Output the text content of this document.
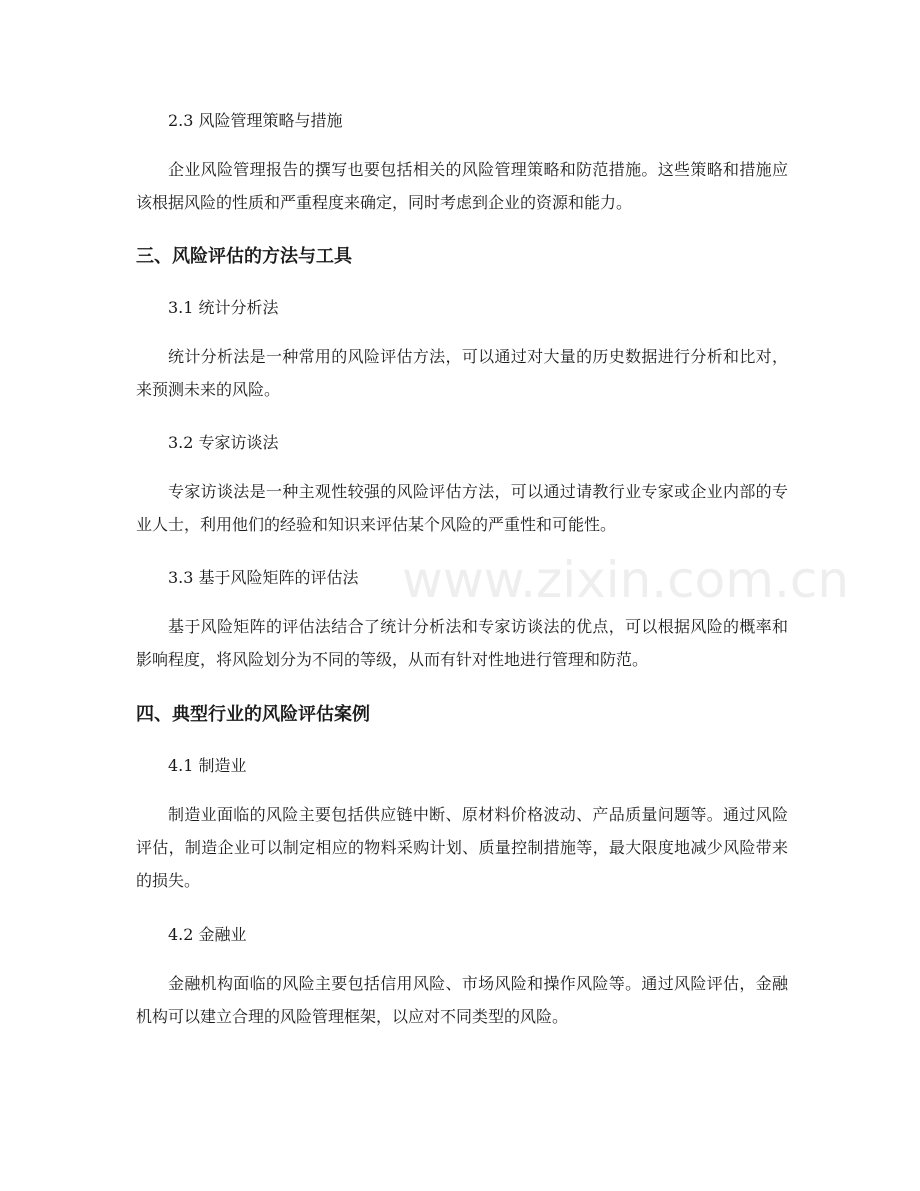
2.3 风险管理策略与措施
企业风险管理报告的撰写也要包括相关的风险管理策略和防范措施。这些策略和措施应该根据风险的性质和严重程度来确定，同时考虑到企业的资源和能力。
三、风险评估的方法与工具
3.1 统计分析法
统计分析法是一种常用的风险评估方法，可以通过对大量的历史数据进行分析和比对，来预测未来的风险。
3.2 专家访谈法
专家访谈法是一种主观性较强的风险评估方法，可以通过请教行业专家或企业内部的专业人士，利用他们的经验和知识来评估某个风险的严重性和可能性。
3.3 基于风险矩阵的评估法
基于风险矩阵的评估法结合了统计分析法和专家访谈法的优点，可以根据风险的概率和影响程度，将风险划分为不同的等级，从而有针对性地进行管理和防范。
四、典型行业的风险评估案例
4.1 制造业
制造业面临的风险主要包括供应链中断、原材料价格波动、产品质量问题等。通过风险评估，制造企业可以制定相应的物料采购计划、质量控制措施等，最大限度地减少风险带来的损失。
4.2 金融业
金融机构面临的风险主要包括信用风险、市场风险和操作风险等。通过风险评估，金融机构可以建立合理的风险管理框架，以应对不同类型的风险。
www.zixin.com.cn
